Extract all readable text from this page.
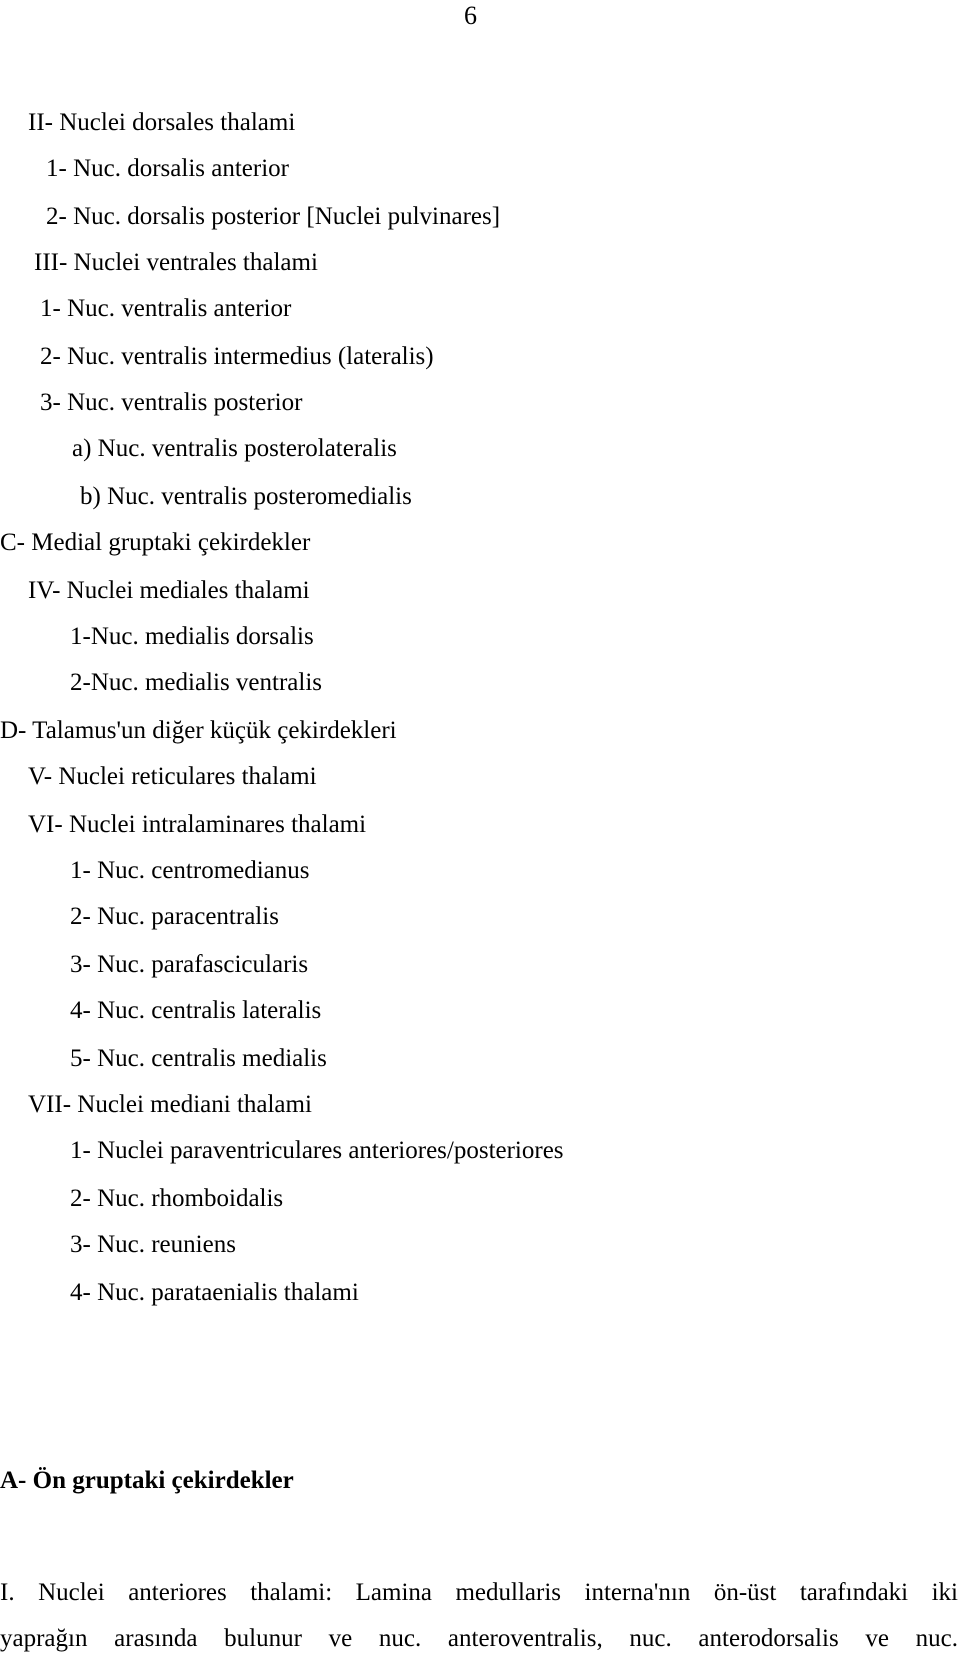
6
II- Nuclei dorsales thalami
1- Nuc. dorsalis anterior
2- Nuc. dorsalis posterior [Nuclei pulvinares]
III- Nuclei ventrales thalami
1- Nuc. ventralis anterior
2- Nuc. ventralis intermedius (lateralis)
3- Nuc. ventralis posterior
a) Nuc. ventralis posterolateralis
b) Nuc. ventralis posteromedialis
C- Medial gruptaki çekirdekler
IV- Nuclei mediales thalami
1-Nuc. medialis dorsalis
2-Nuc. medialis ventralis
D- Talamus'un diğer küçük çekirdekleri
V- Nuclei reticulares thalami
VI- Nuclei intralaminares thalami
1- Nuc. centromedianus
2- Nuc. paracentralis
3- Nuc. parafascicularis
4- Nuc. centralis lateralis
5- Nuc. centralis medialis
VII- Nuclei mediani thalami
1- Nuclei paraventriculares anteriores/posteriores
2- Nuc. rhomboidalis
3- Nuc. reuniens
4- Nuc. parataenialis thalami
A- Ön gruptaki çekirdekler
I. Nuclei anteriores thalami: Lamina medullaris interna'nın ön-üst tarafındaki iki
yaprağın arasında bulunur ve nuc. anteroventralis, nuc. anterodorsalis ve nuc.
